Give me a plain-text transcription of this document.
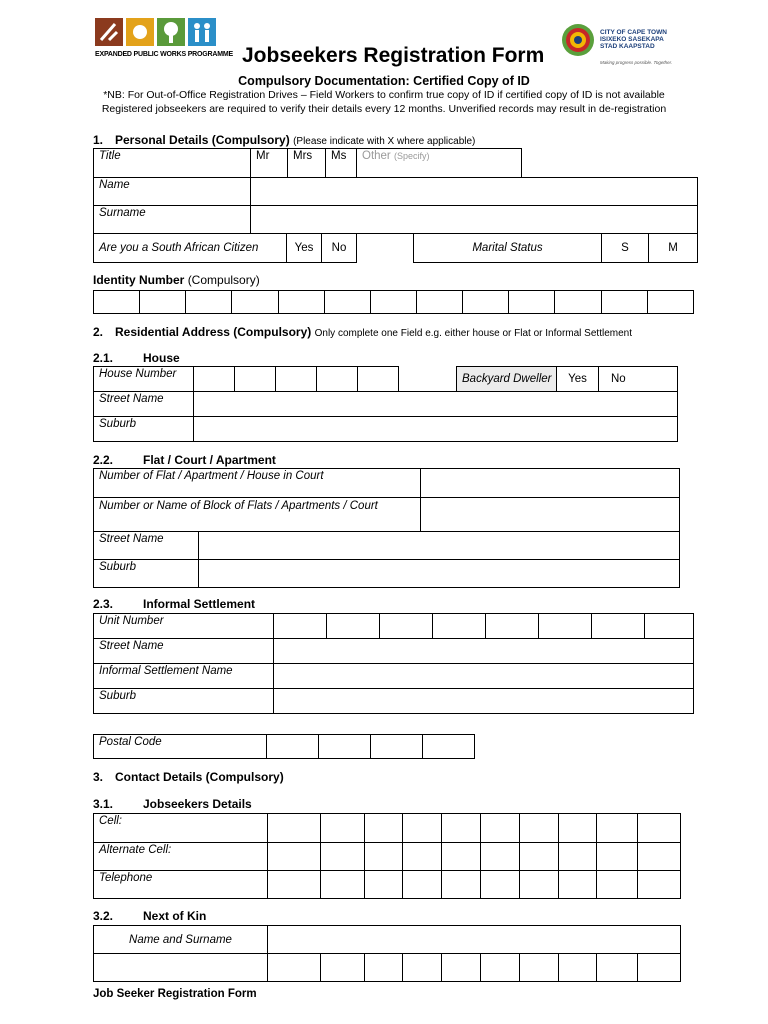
EXPANDED PUBLIC WORKS PROGRAMME
CITY OF CAPE TOWN
ISIXEKO SASEKAPA
STAD KAAPSTAD
Making progress possible. Together.
Jobseekers Registration Form
Compulsory Documentation: Certified Copy of ID
*NB: For Out-of-Office Registration Drives – Field Workers to confirm true copy of ID if certified copy of ID is not available
Registered jobseekers are required to verify their details every 12 months. Unverified records may result in de-registration
1. Personal Details (Compulsory) (Please indicate with X where applicable)
Title	Mr	Mrs	Ms	Other (Specify)	
Name					
Surname					
Are you a South African Citizen	Yes	No		Marital Status	S	M
Identity Number (Compulsory)

2. Residential Address (Compulsory) Only complete one Field e.g. either house or Flat or Informal Settlement
2.1. House
House Number							Backyard Dweller	Yes	No
Street Name	
Suburb	
2.2. Flat / Court / Apartment
Number of Flat / Apartment / House in Court		
Number or Name of Block of Flats / Apartments / Court		
Street Name		
Suburb		
2.3. Informal Settlement
Unit Number								
Street Name								
Informal Settlement Name								
Suburb								
Postal Code				
3. Contact Details (Compulsory)
3.1. Jobseekers Details
Cell:										
Alternate Cell:										
Telephone										
3.2. Next of Kin
Name and Surname										

Job Seeker Registration Form
